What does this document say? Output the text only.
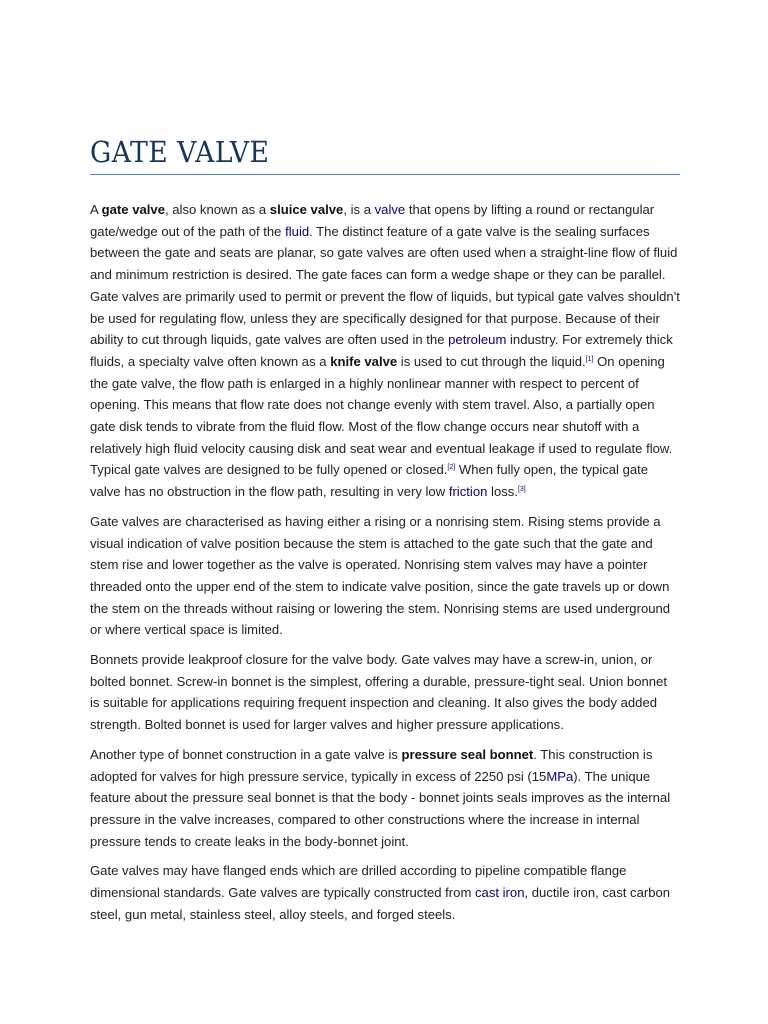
GATE VALVE

A gate valve, also known as a sluice valve, is a valve that opens by lifting a round or rectangular gate/wedge out of the path of the fluid. The distinct feature of a gate valve is the sealing surfaces between the gate and seats are planar, so gate valves are often used when a straight-line flow of fluid and minimum restriction is desired. The gate faces can form a wedge shape or they can be parallel. Gate valves are primarily used to permit or prevent the flow of liquids, but typical gate valves shouldn't be used for regulating flow, unless they are specifically designed for that purpose. Because of their ability to cut through liquids, gate valves are often used in the petroleum industry. For extremely thick fluids, a specialty valve often known as a knife valve is used to cut through the liquid.[1] On opening the gate valve, the flow path is enlarged in a highly nonlinear manner with respect to percent of opening. This means that flow rate does not change evenly with stem travel. Also, a partially open gate disk tends to vibrate from the fluid flow. Most of the flow change occurs near shutoff with a relatively high fluid velocity causing disk and seat wear and eventual leakage if used to regulate flow. Typical gate valves are designed to be fully opened or closed.[2] When fully open, the typical gate valve has no obstruction in the flow path, resulting in very low friction loss.[3]

Gate valves are characterised as having either a rising or a nonrising stem. Rising stems provide a visual indication of valve position because the stem is attached to the gate such that the gate and stem rise and lower together as the valve is operated. Nonrising stem valves may have a pointer threaded onto the upper end of the stem to indicate valve position, since the gate travels up or down the stem on the threads without raising or lowering the stem. Nonrising stems are used underground or where vertical space is limited.

Bonnets provide leakproof closure for the valve body. Gate valves may have a screw-in, union, or bolted bonnet. Screw-in bonnet is the simplest, offering a durable, pressure-tight seal. Union bonnet is suitable for applications requiring frequent inspection and cleaning. It also gives the body added strength. Bolted bonnet is used for larger valves and higher pressure applications.

Another type of bonnet construction in a gate valve is pressure seal bonnet. This construction is adopted for valves for high pressure service, typically in excess of 2250 psi (15MPa). The unique feature about the pressure seal bonnet is that the body - bonnet joints seals improves as the internal pressure in the valve increases, compared to other constructions where the increase in internal pressure tends to create leaks in the body-bonnet joint.

Gate valves may have flanged ends which are drilled according to pipeline compatible flange dimensional standards. Gate valves are typically constructed from cast iron, ductile iron, cast carbon steel, gun metal, stainless steel, alloy steels, and forged steels.
